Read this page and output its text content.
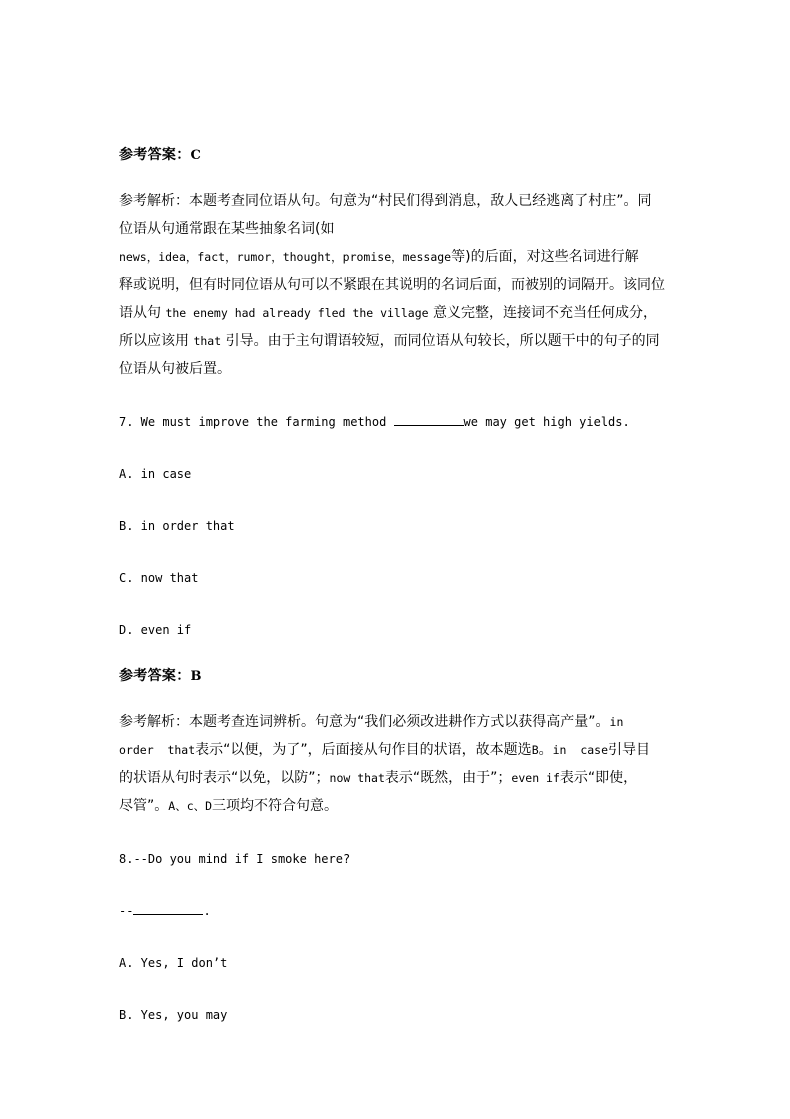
参考答案：C
参考解析：本题考查同位语从句。句意为“村民们得到消息，敌人已经逃离了村庄”。同
位语从句通常跟在某些抽象名词(如
news，idea，fact，rumor，thought，promise，message等)的后面，对这些名词进行解
释或说明，但有时同位语从句可以不紧跟在其说明的名词后面，而被别的词隔开。该同位
语从句 the enemy had already fled the village 意义完整，连接词不充当任何成分，
所以应该用 that 引导。由于主句谓语较短，而同位语从句较长，所以题干中的句子的同
位语从句被后置。
7. We must improve the farming method	we may get high yields.
A. in case
B. in order that
C. now that
D. even if
参考答案：B
参考解析：本题考查连词辨析。句意为“我们必须改进耕作方式以获得高产量”。in
order  that表示“以便，为了”，后面接从句作目的状语，故本题选B。in  case引导目
的状语从句时表示“以免，以防”；now that表示“既然，由于”；even if表示“即使，
尽管”。A、c、D三项均不符合句意。
8.--Do you mind if I smoke here?
--	.
A. Yes, I don’t
B. Yes, you may
